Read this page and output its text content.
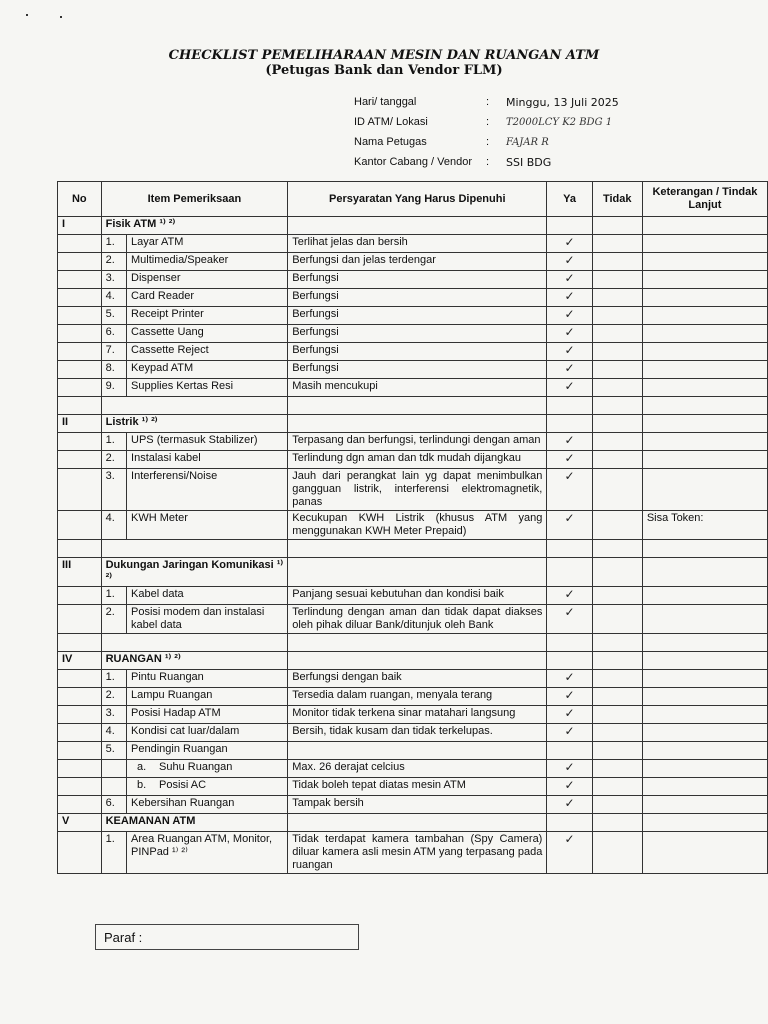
CHECKLIST PEMELIHARAAN MESIN DAN RUANGAN ATM
(Petugas Bank dan Vendor FLM)
Hari/ tanggal	:	Minggu, 13 Juli 2025
ID ATM/ Lokasi	:	T2000LCY K2 BDG 1
Nama Petugas	:	FAJAR R
Kantor Cabang / Vendor	:	SSI BDG
No	Item Pemeriksaan		Persyaratan Yang Harus Dipenuhi	Ya	Tidak	Keterangan / Tindak Lanjut
I	Fisik ATM ¹⁾ ²⁾					
	1.	Layar ATM	Terlihat jelas dan bersih	✓		
	2.	Multimedia/Speaker	Berfungsi dan jelas terdengar	✓		
	3.	Dispenser	Berfungsi	✓		
	4.	Card Reader	Berfungsi	✓		
	5.	Receipt Printer	Berfungsi	✓		
	6.	Cassette Uang	Berfungsi	✓		
	7.	Cassette Reject	Berfungsi	✓		
	8.	Keypad ATM	Berfungsi	✓		
	9.	Supplies Kertas Resi	Masih mencukupi	✓		

II	Listrik ¹⁾ ²⁾					
	1.	UPS (termasuk Stabilizer)	Terpasang dan berfungsi, terlindungi dengan aman	✓		
	2.	Instalasi kabel	Terlindung dgn aman dan tdk mudah dijangkau	✓		
	3.	Interferensi/Noise	Jauh dari perangkat lain yg dapat menimbulkan gangguan listrik, interferensi elektromagnetik, panas	✓		
	4.	KWH Meter	Kecukupan KWH Listrik (khusus ATM yang menggunakan KWH Meter Prepaid)	✓		Sisa Token:

III	Dukungan Jaringan Komunikasi ¹⁾ ²⁾					
	1.	Kabel data	Panjang sesuai kebutuhan dan kondisi baik	✓		
	2.	Posisi modem dan instalasi kabel data	Terlindung dengan aman dan tidak dapat diakses oleh pihak diluar Bank/ditunjuk oleh Bank	✓		

IV	RUANGAN ¹⁾ ²⁾					
	1.	Pintu Ruangan	Berfungsi dengan baik	✓		
	2.	Lampu Ruangan	Tersedia dalam ruangan, menyala terang	✓		
	3.	Posisi Hadap ATM	Monitor tidak terkena sinar matahari langsung	✓		
	4.	Kondisi cat luar/dalam	Bersih, tidak kusam dan tidak terkelupas.	✓		
	5.	Pendingin Ruangan				
		a. Suhu Ruangan	Max. 26 derajat celcius	✓		
		b. Posisi AC	Tidak boleh tepat diatas mesin ATM	✓		
	6.	Kebersihan Ruangan	Tampak bersih	✓		
V	KEAMANAN ATM					
	1.	Area Ruangan ATM, Monitor, PINPad ¹⁾ ²⁾	Tidak terdapat kamera tambahan (Spy Camera) diluar kamera asli mesin ATM yang terpasang pada ruangan	✓		
Paraf :
